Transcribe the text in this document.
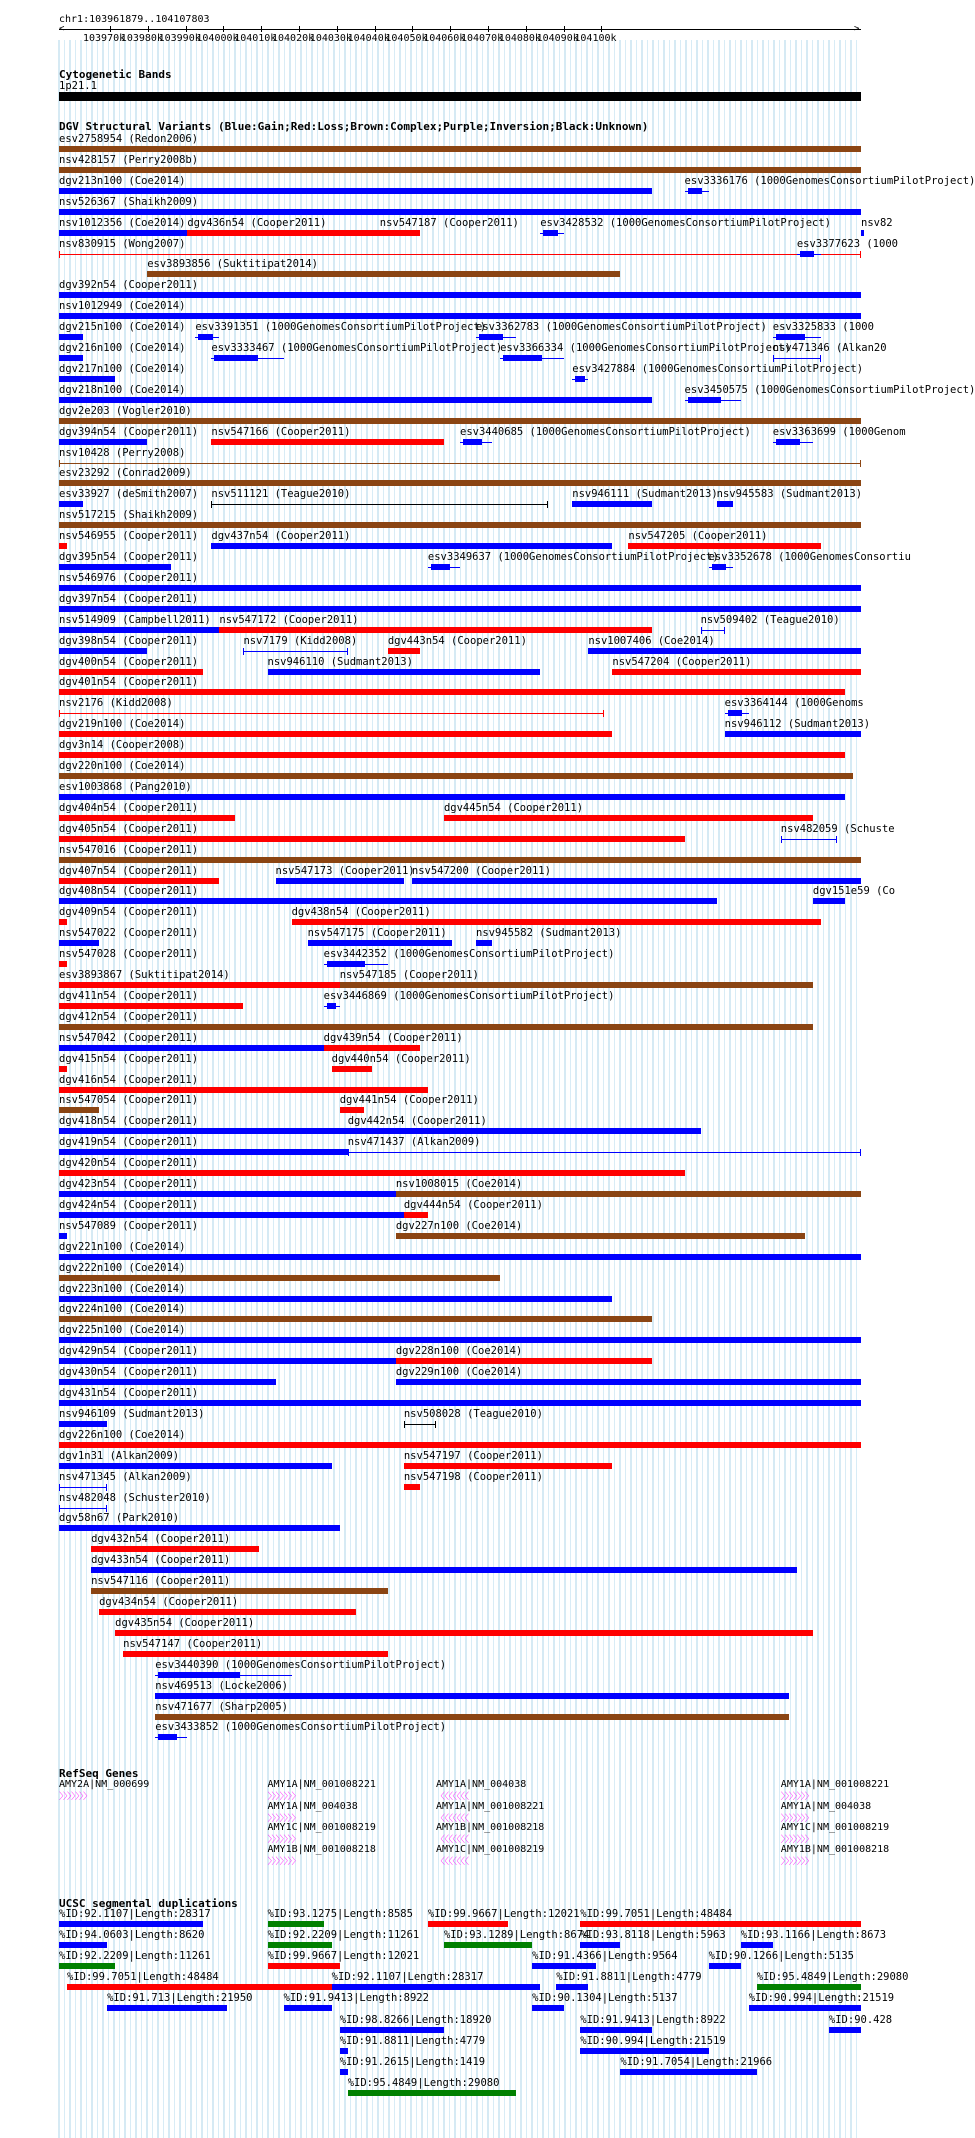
chr1:103961879..104107803
<	>
103970k
103980k
103990k
104000k
104010k
104020k
104030k
104040k
104050k
104060k
104070k
104080k
104090k
104100k
Cytogenetic Bands
1p21.1
DGV Structural Variants (Blue:Gain;Red:Loss;Brown:Complex;Purple;Inversion;Black:Unknown)
esv2758954 (Redon2006)
nsv428157 (Perry2008b)
dgv213n100 (Coe2014)	esv3336176 (1000GenomesConsortiumPilotProject)
nsv526367 (Shaikh2009)
nsv1012356 (Coe2014) dgv436n54 (Cooper2011)	nsv547187 (Cooper2011) esv3428532 (1000GenomesConsortiumPilotProject)	nsv82
nsv830915 (Wong2007)	esv3377623 (1000
esv3893856 (Suktitipat2014)
dgv392n54 (Cooper2011)
nsv1012949 (Coe2014)
dgv215n100 (Coe2014) esv3391351 (1000GenomesConsortiumPilotProject)
esv3362783 (1000GenomesConsortiumPilotProject) esv3325833 (1000
dgv216n100 (Coe2014) esv3333467 (1000GenomesConsortiumPilotProject)
esv3366334 (1000GenomesConsortiumPilotProject)
nsv471346 (Alkan20
dgv217n100 (Coe2014)	esv3427884 (1000GenomesConsortiumPilotProject)
dgv218n100 (Coe2014)	esv3450575 (1000GenomesConsortiumPilotProject)
dgv2e203 (Vogler2010)
dgv394n54 (Cooper2011) nsv547166 (Cooper2011)	esv3440685 (1000GenomesConsortiumPilotProject) esv3363699 (1000Genom
nsv10428 (Perry2008)
esv23292 (Conrad2009)
esv33927 (deSmith2007) nsv511121 (Teague2010)	nsv946111 (Sudmant2013)
nsv945583 (Sudmant2013)
nsv517215 (Shaikh2009)
nsv546955 (Cooper2011) dgv437n54 (Cooper2011)	nsv547205 (Cooper2011)
dgv395n54 (Cooper2011)	esv3349637 (1000GenomesConsortiumPilotProject)
esv3352678 (1000GenomesConsortiu
nsv546976 (Cooper2011)
dgv397n54 (Cooper2011)
nsv514909 (Campbell2011) nsv547172 (Cooper2011)	nsv509402 (Teague2010)
dgv398n54 (Cooper2011)	nsv7179 (Kidd2008)	dgv443n54 (Cooper2011)	nsv1007406 (Coe2014)
dgv400n54 (Cooper2011)	nsv946110 (Sudmant2013)	nsv547204 (Cooper2011)
dgv401n54 (Cooper2011)
nsv2176 (Kidd2008)	esv3364144 (1000Genoms
dgv219n100 (Coe2014)	nsv946112 (Sudmant2013)
dgv3n14 (Cooper2008)
dgv220n100 (Coe2014)
esv1003868 (Pang2010)
dgv404n54 (Cooper2011)	dgv445n54 (Cooper2011)
dgv405n54 (Cooper2011)	nsv482059 (Schuste
nsv547016 (Cooper2011)
dgv407n54 (Cooper2011)	nsv547173 (Cooper2011)
nsv547200 (Cooper2011)
dgv408n54 (Cooper2011)	dgv151e59 (Co
dgv409n54 (Cooper2011)	dgv438n54 (Cooper2011)
nsv547022 (Cooper2011)	nsv547175 (Cooper2011)	nsv945582 (Sudmant2013)
nsv547028 (Cooper2011)	esv3442352 (1000GenomesConsortiumPilotProject)
esv3893867 (Suktitipat2014)	nsv547185 (Cooper2011)
dgv411n54 (Cooper2011)	esv3446869 (1000GenomesConsortiumPilotProject)
dgv412n54 (Cooper2011)
nsv547042 (Cooper2011)	dgv439n54 (Cooper2011)
dgv415n54 (Cooper2011)	dgv440n54 (Cooper2011)
dgv416n54 (Cooper2011)
nsv547054 (Cooper2011)	dgv441n54 (Cooper2011)
dgv418n54 (Cooper2011)	dgv442n54 (Cooper2011)
dgv419n54 (Cooper2011)	nsv471437 (Alkan2009)
dgv420n54 (Cooper2011)
dgv423n54 (Cooper2011)	nsv1008015 (Coe2014)
dgv424n54 (Cooper2011)	dgv444n54 (Cooper2011)
nsv547089 (Cooper2011)	dgv227n100 (Coe2014)
dgv221n100 (Coe2014)
dgv222n100 (Coe2014)
dgv223n100 (Coe2014)
dgv224n100 (Coe2014)
dgv225n100 (Coe2014)
dgv429n54 (Cooper2011)	dgv228n100 (Coe2014)
dgv430n54 (Cooper2011)	dgv229n100 (Coe2014)
dgv431n54 (Cooper2011)
nsv946109 (Sudmant2013)	nsv508028 (Teague2010)
dgv226n100 (Coe2014)
dgv1n31 (Alkan2009)	nsv547197 (Cooper2011)
nsv471345 (Alkan2009)	nsv547198 (Cooper2011)
nsv482048 (Schuster2010)
dgv58n67 (Park2010)
dgv432n54 (Cooper2011)
dgv433n54 (Cooper2011)
nsv547116 (Cooper2011)
dgv434n54 (Cooper2011)
dgv435n54 (Cooper2011)
nsv547147 (Cooper2011)
esv3440390 (1000GenomesConsortiumPilotProject)
nsv469513 (Locke2006)
nsv471677 (Sharp2005)
esv3433852 (1000GenomesConsortiumPilotProject)
RefSeq Genes
AMY2A|NM_000699
〉〉〉〉〉〉〉
AMY1A|NM_001008221
〉〉〉〉〉〉〉
AMY1A|NM_004038
〈〈〈〈〈〈〈
AMY1A|NM_001008221
〉〉〉〉〉〉〉
AMY1A|NM_004038
〉〉〉〉〉〉〉
AMY1A|NM_001008221
〈〈〈〈〈〈〈
AMY1A|NM_004038
〉〉〉〉〉〉〉
AMY1C|NM_001008219
〉〉〉〉〉〉〉
AMY1B|NM_001008218
〈〈〈〈〈〈〈
AMY1C|NM_001008219
〉〉〉〉〉〉〉
AMY1B|NM_001008218
〉〉〉〉〉〉〉
AMY1C|NM_001008219
〈〈〈〈〈〈〈
AMY1B|NM_001008218
〉〉〉〉〉〉〉
UCSC segmental duplications
%ID:92.1107|Length:28317	%ID:93.1275|Length:8585 %ID:99.9667|Length:12021 %ID:99.7051|Length:48484
%ID:94.0603|Length:8620	%ID:92.2209|Length:11261 %ID:93.1289|Length:8674
%ID:93.8118|Length:5963 %ID:93.1166|Length:8673
%ID:92.2209|Length:11261	%ID:99.9667|Length:12021	%ID:91.4366|Length:9564	%ID:90.1266|Length:5135
%ID:99.7051|Length:48484	%ID:92.1107|Length:28317	%ID:91.8811|Length:4779	%ID:95.4849|Length:29080
%ID:91.713|Length:21950	%ID:91.9413|Length:8922	%ID:90.1304|Length:5137	%ID:90.994|Length:21519
%ID:98.8266|Length:18920	%ID:91.9413|Length:8922	%ID:90.428
%ID:91.8811|Length:4779	%ID:90.994|Length:21519
%ID:91.2615|Length:1419	%ID:91.7054|Length:21966
%ID:95.4849|Length:29080
